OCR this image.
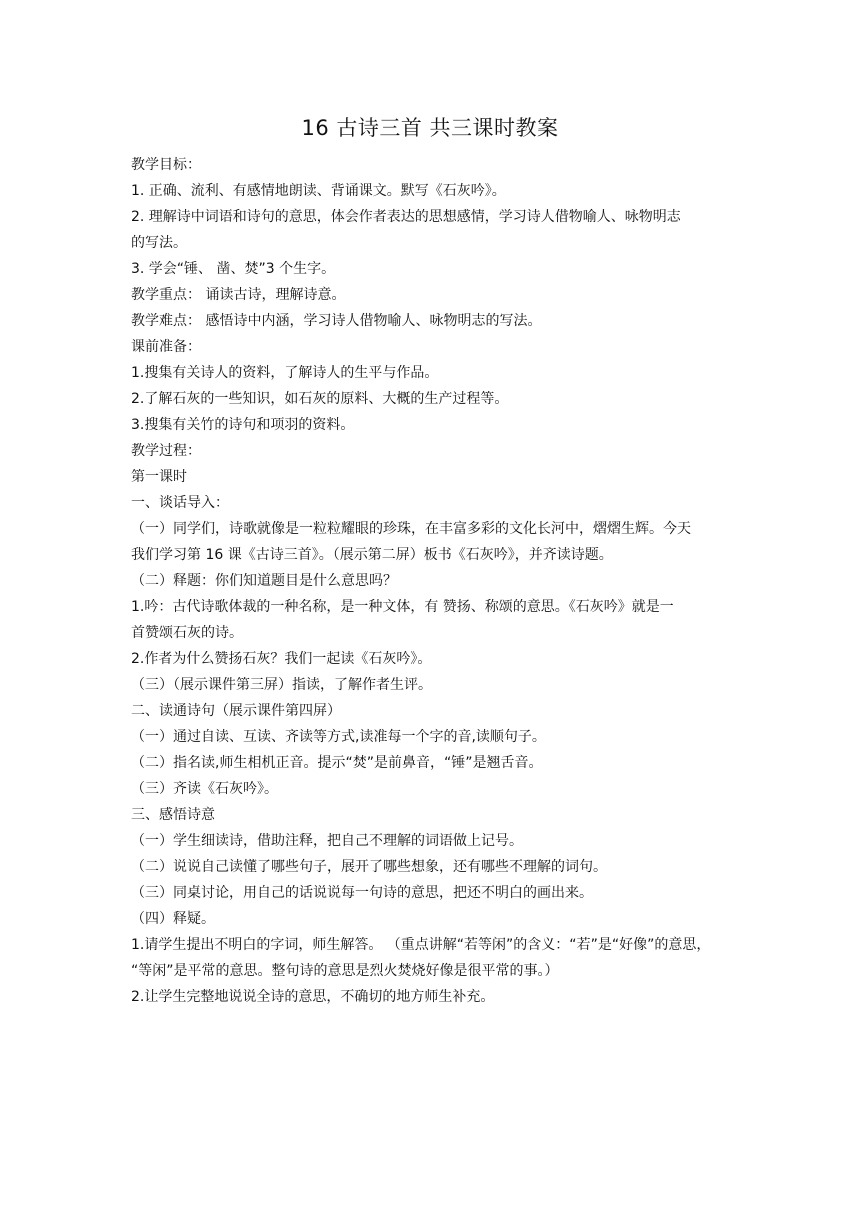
16 古诗三首 共三课时教案
教学目标：
1. 正确、流利、有感情地朗读、背诵课文。默写《石灰吟》。
2. 理解诗中词语和诗句的意思，体会作者表达的思想感情，学习诗人借物喻人、咏物明志
的写法。
3. 学会“锤、 凿、焚”3 个生字。
教学重点： 诵读古诗，理解诗意。
教学难点： 感悟诗中内涵，学习诗人借物喻人、咏物明志的写法。
课前准备：
1.搜集有关诗人的资料，了解诗人的生平与作品。
2.了解石灰的一些知识，如石灰的原料、大概的生产过程等。
3.搜集有关竹的诗句和项羽的资料。
教学过程：
第一课时
一、谈话导入：
（一）同学们，诗歌就像是一粒粒耀眼的珍珠，在丰富多彩的文化长河中，熠熠生辉。今天
我们学习第 16 课《古诗三首》。（展示第二屏）板书《石灰吟》，并齐读诗题。
（二）释题：你们知道题目是什么意思吗？
1.吟：古代诗歌体裁的一种名称，是一种文体，有 赞扬、称颂的意思。《石灰吟》就是一
首赞颂石灰的诗。
2.作者为什么赞扬石灰？我们一起读《石灰吟》。
（三）（展示课件第三屏）指读，了解作者生评。
二、读通诗句（展示课件第四屏）
（一）通过自读、互读、齐读等方式,读准每一个字的音,读顺句子。
（二）指名读,师生相机正音。提示“焚”是前鼻音，“锤”是翘舌音。
（三）齐读《石灰吟》。
三、感悟诗意
（一）学生细读诗，借助注释，把自己不理解的词语做上记号。
（二）说说自己读懂了哪些句子，展开了哪些想象，还有哪些不理解的词句。
（三）同桌讨论，用自己的话说说每一句诗的意思，把还不明白的画出来。
（四）释疑。
1.请学生提出不明白的字词，师生解答。 （重点讲解“若等闲”的含义：“若”是“好像”的意思，
“等闲”是平常的意思。整句诗的意思是烈火焚烧好像是很平常的事。）
2.让学生完整地说说全诗的意思，不确切的地方师生补充。
